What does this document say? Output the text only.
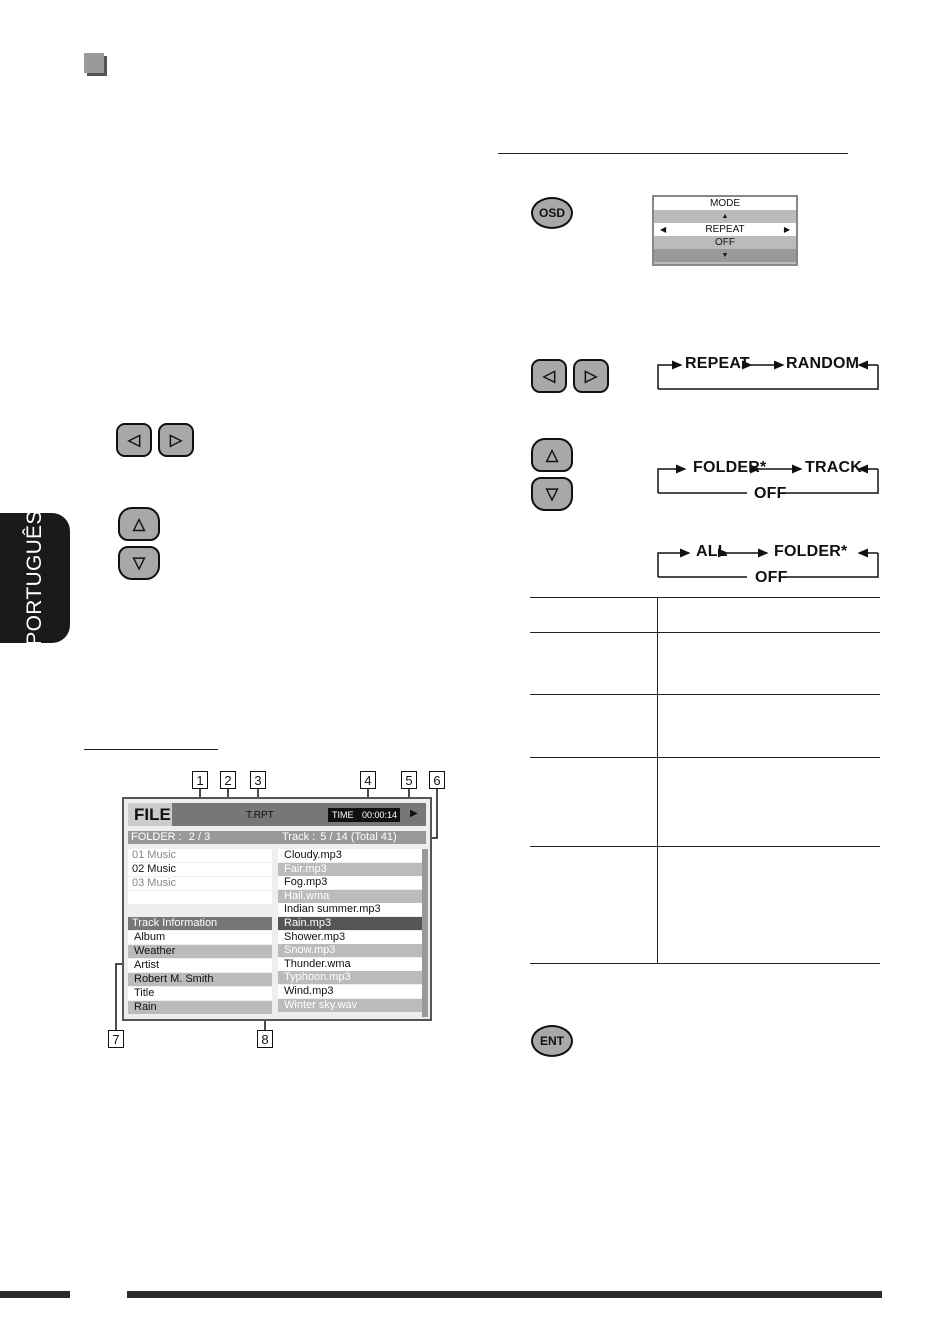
PORTUGUÊS
◁ ▷
△
▽
OSD
MODE
▲
◀	REPEAT	▶
OFF
▼
◁ ▷
REPEAT RANDOM
△
▽
FOLDER* TRACK
OFF
ALL	FOLDER*
OFF
ENT
1	2	3	4	5	6
7	8
FILE	T.RPT	TIME 00:00:14 ▶
FOLDER : 2 / 3	Track : 5 / 14 (Total 41)
01 Music
02 Music
03 Music
Track Information
Album
Weather
Artist
Robert M. Smith
Title
Rain
Cloudy.mp3
Fair.mp3
Fog.mp3
Hail.wma
Indian summer.mp3
Rain.mp3
Shower.mp3
Snow.mp3
Thunder.wma
Typhoon.mp3
Wind.mp3
Winter sky.wav
